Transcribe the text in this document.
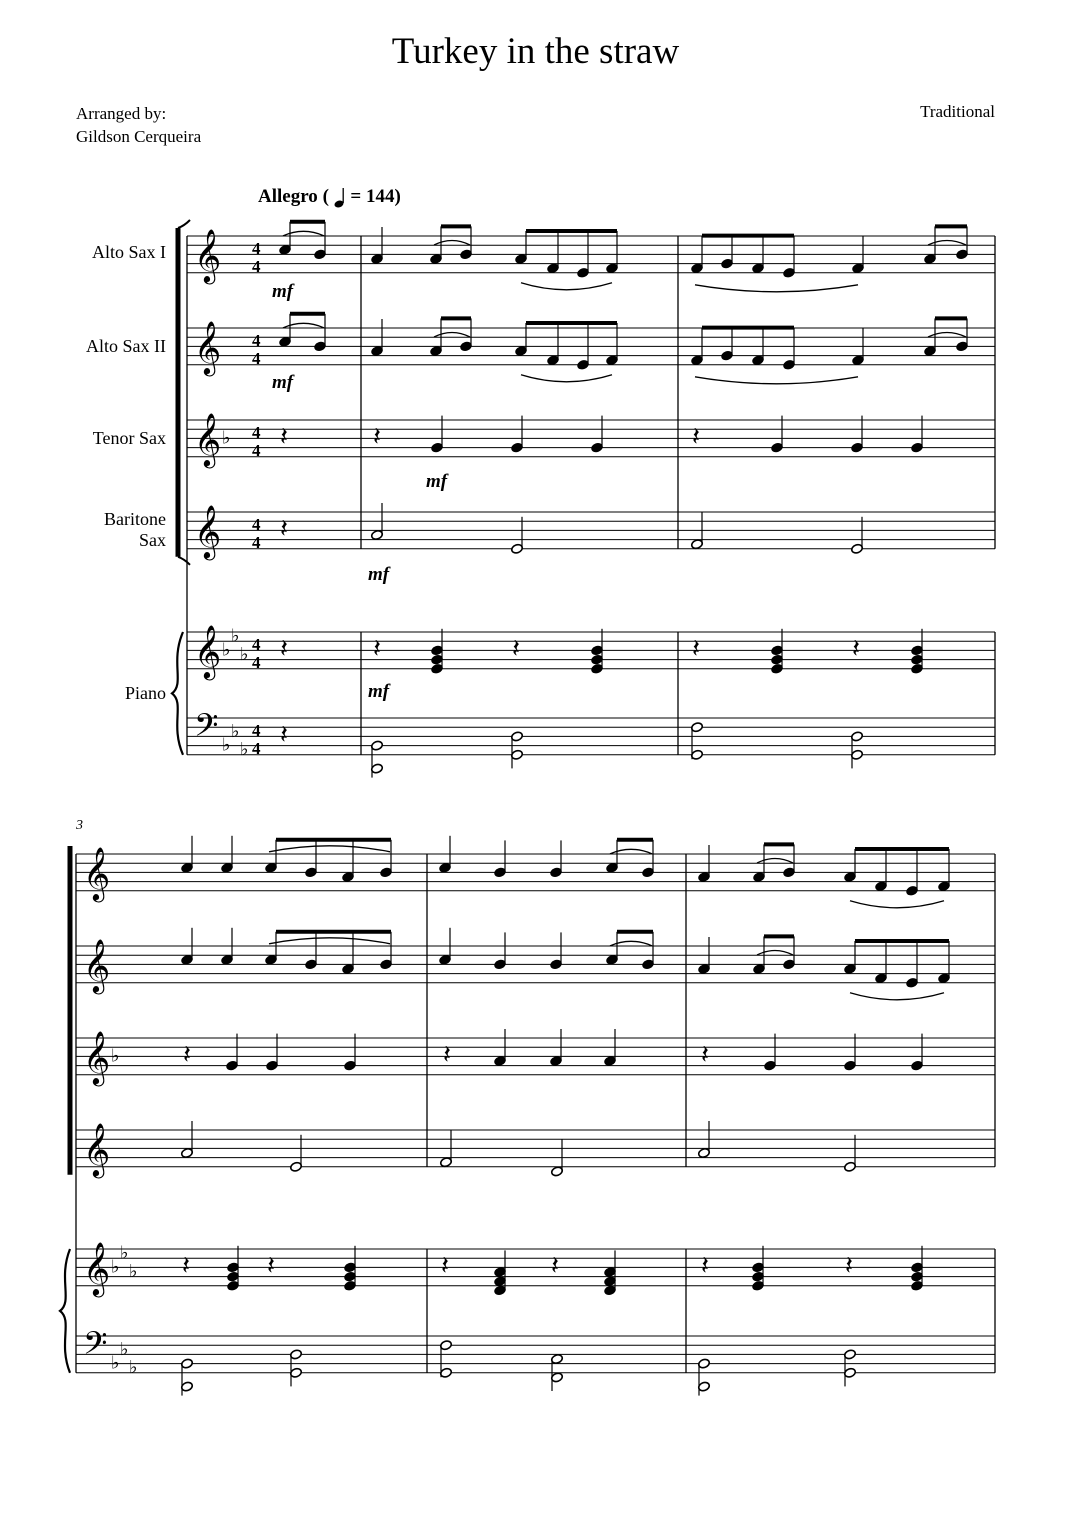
Turkey in the straw
Arranged by:
Gildson Cerqueira
Traditional
Allegro ( = 144)
Alto Sax I
Alto Sax II
Tenor Sax
Baritone
Sax
Piano
3
𝄞
𝄞
𝄞
𝄞
𝄞
𝄢
♭
♭
♭
♭
♭
♭
♭
4
4
4
4
4
4
4
4
4
4
4
4
mf
mf
𝄽	𝄽	𝄽
mf
𝄽
mf
𝄽	𝄽	𝄽	𝄽	𝄽
mf
𝄽
𝄞
𝄞
𝄞
𝄞
𝄞
𝄢
♭
♭
♭
♭
♭
♭
♭
𝄽	𝄽	𝄽
𝄽	𝄽	𝄽	𝄽	𝄽	𝄽
